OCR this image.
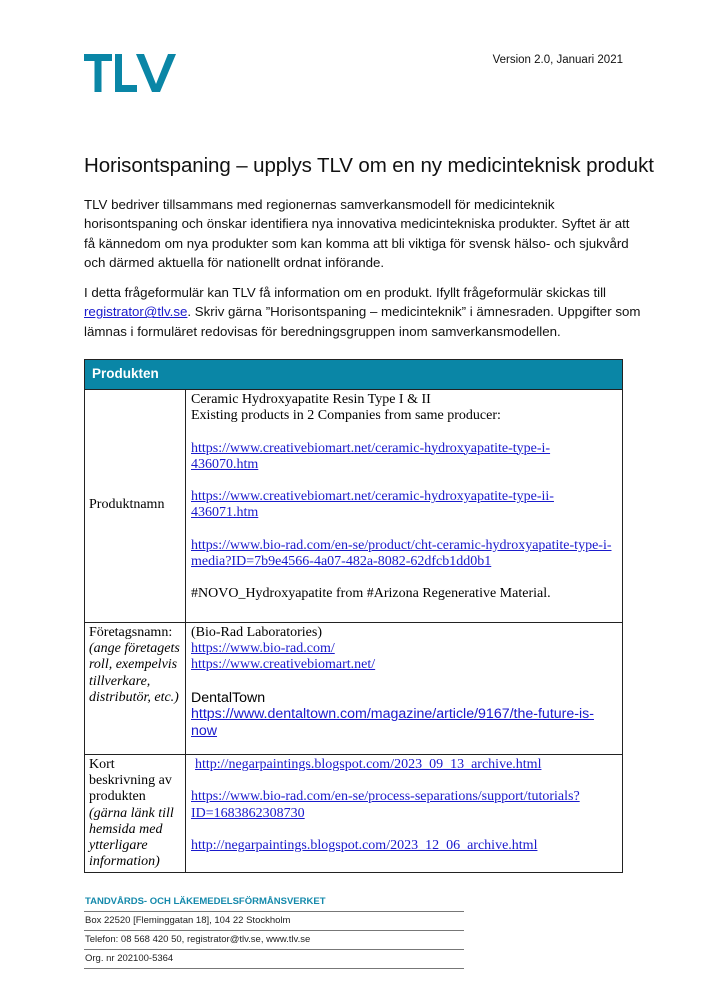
Version 2.0, Januari 2021
Horisontspaning – upplys TLV om en ny medicinteknisk produkt

TLV bedriver tillsammans med regionernas samverkansmodell för medicinteknik horisontspaning och önskar identifiera nya innovativa medicintekniska produkter. Syftet är att få kännedom om nya produkter som kan komma att bli viktiga för svensk hälso- och sjukvård och därmed aktuella för nationellt ordnat införande.

I detta frågeformulär kan TLV få information om en produkt. Ifyllt frågeformulär skickas till registrator@tlv.se. Skriv gärna ”Horisontspaning – medicinteknik” i ämnesraden. Uppgifter som lämnas i formuläret redovisas för beredningsgruppen inom samverkansmodellen.

Produkten
Produktnamn
Ceramic Hydroxyapatite Resin Type I & II
Existing products in 2 Companies from same producer:
https://www.creativebiomart.net/ceramic-hydroxyapatite-type-i-436070.htm
https://www.creativebiomart.net/ceramic-hydroxyapatite-type-ii-436071.htm
https://www.bio-rad.com/en-se/product/cht-ceramic-hydroxyapatite-type-i-media?ID=7b9e4566-4a07-482a-8082-62dfcb1dd0b1
#NOVO_Hydroxyapatite from #Arizona Regenerative Material.
Företagsnamn:
(ange företagets roll, exempelvis tillverkare, distributör, etc.)
(Bio-Rad Laboratories)
https://www.bio-rad.com/
https://www.creativebiomart.net/
DentalTown
https://www.dentaltown.com/magazine/article/9167/the-future-is-now
Kort beskrivning av produkten
(gärna länk till hemsida med ytterligare information)
http://negarpaintings.blogspot.com/2023_09_13_archive.html
https://www.bio-rad.com/en-se/process-separations/support/tutorials?ID=1683862308730
http://negarpaintings.blogspot.com/2023_12_06_archive.html
TANDVÅRDS- OCH LÄKEMEDELSFÖRMÅNSVERKET
Box 22520 [Fleminggatan 18], 104 22 Stockholm
Telefon: 08 568 420 50, registrator@tlv.se, www.tlv.se
Org. nr 202100-5364
